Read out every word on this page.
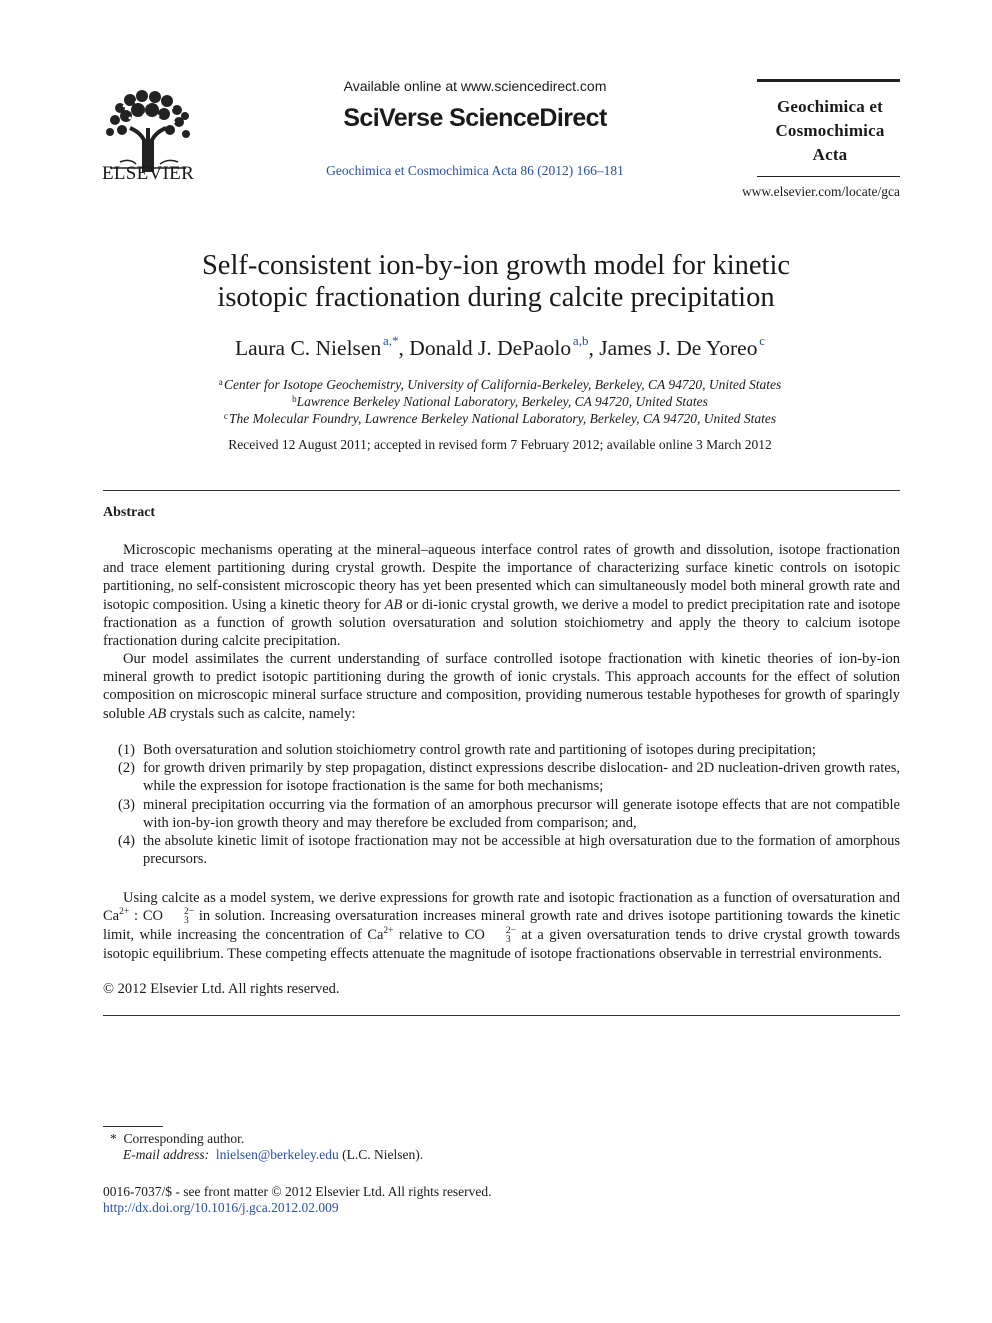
ELSEVIER
Available online at www.sciencedirect.com
SciVerse ScienceDirect
Geochimica et Cosmochimica Acta 86 (2012) 166–181
Geochimica et
Cosmochimica
Acta
www.elsevier.com/locate/gca
Self-consistent ion-by-ion growth model for kinetic
isotopic fractionation during calcite precipitation
Laura C. Nielsen  $^{a,*}$, Donald J. DePaolo  $^{a,b}$, James J. De Yoreo  $^c$
$^a$ Center for Isotope Geochemistry, University of California-Berkeley, Berkeley, CA 94720, United States
$^b$Lawrence Berkeley National Laboratory, Berkeley, CA 94720, United States
$^c$ The Molecular Foundry, Lawrence Berkeley National Laboratory, Berkeley, CA 94720, United States
Received 12 August 2011; accepted in revised form 7 February 2012; available online 3 March 2012
Abstract
Microscopic mechanisms operating at the mineral–aqueous interface control rates of growth and dissolution, isotope fractionation and trace element partitioning during crystal growth. Despite the importance of characterizing surface kinetic controls on isotopic partitioning, no self-consistent microscopic theory has yet been presented which can simultaneously model both mineral growth rate and isotopic composition. Using a kinetic theory for AB or di-ionic crystal growth, we derive a model to predict precipitation rate and isotope fractionation as a function of growth solution oversaturation and solution stoichiometry and apply the theory to calcium isotope fractionation during calcite precipitation.
Our model assimilates the current understanding of surface controlled isotope fractionation with kinetic theories of ion-by-ion mineral growth to predict isotopic partitioning during the growth of ionic crystals. This approach accounts for the effect of solution composition on microscopic mineral surface structure and composition, providing numerous testable hypotheses for growth of sparingly soluble AB crystals such as calcite, namely:
(1) Both oversaturation and solution stoichiometry control growth rate and partitioning of isotopes during precipitation;
(2) for growth driven primarily by step propagation, distinct expressions describe dislocation- and 2D nucleation-driven growth rates, while the expression for isotope fractionation is the same for both mechanisms;
(3) mineral precipitation occurring via the formation of an amorphous precursor will generate isotope effects that are not compatible with ion-by-ion growth theory and may therefore be excluded from comparison; and,
(4) the absolute kinetic limit of isotope fractionation may not be accessible at high oversaturation due to the formation of amorphous precursors.
Using calcite as a model system, we derive expressions for growth rate and isotopic fractionation as a function of oversaturation and $Ca^{2+}$ : CO	2−
3 in solution. Increasing oversaturation increases mineral growth rate and drives isotope partitioning towards the kinetic limit, while increasing the concentration of $Ca^{2+}$ relative to CO	2−
3 at a given oversaturation tends to drive crystal growth towards isotopic equilibrium. These competing effects attenuate the magnitude of isotope fractionations observable in terrestrial environments.
© 2012 Elsevier Ltd. All rights reserved.
* Corresponding author.
E-mail address: lnielsen@berkeley.edu (L.C. Nielsen).
0016-7037/$ - see front matter © 2012 Elsevier Ltd. All rights reserved.
http://dx.doi.org/10.1016/j.gca.2012.02.009
